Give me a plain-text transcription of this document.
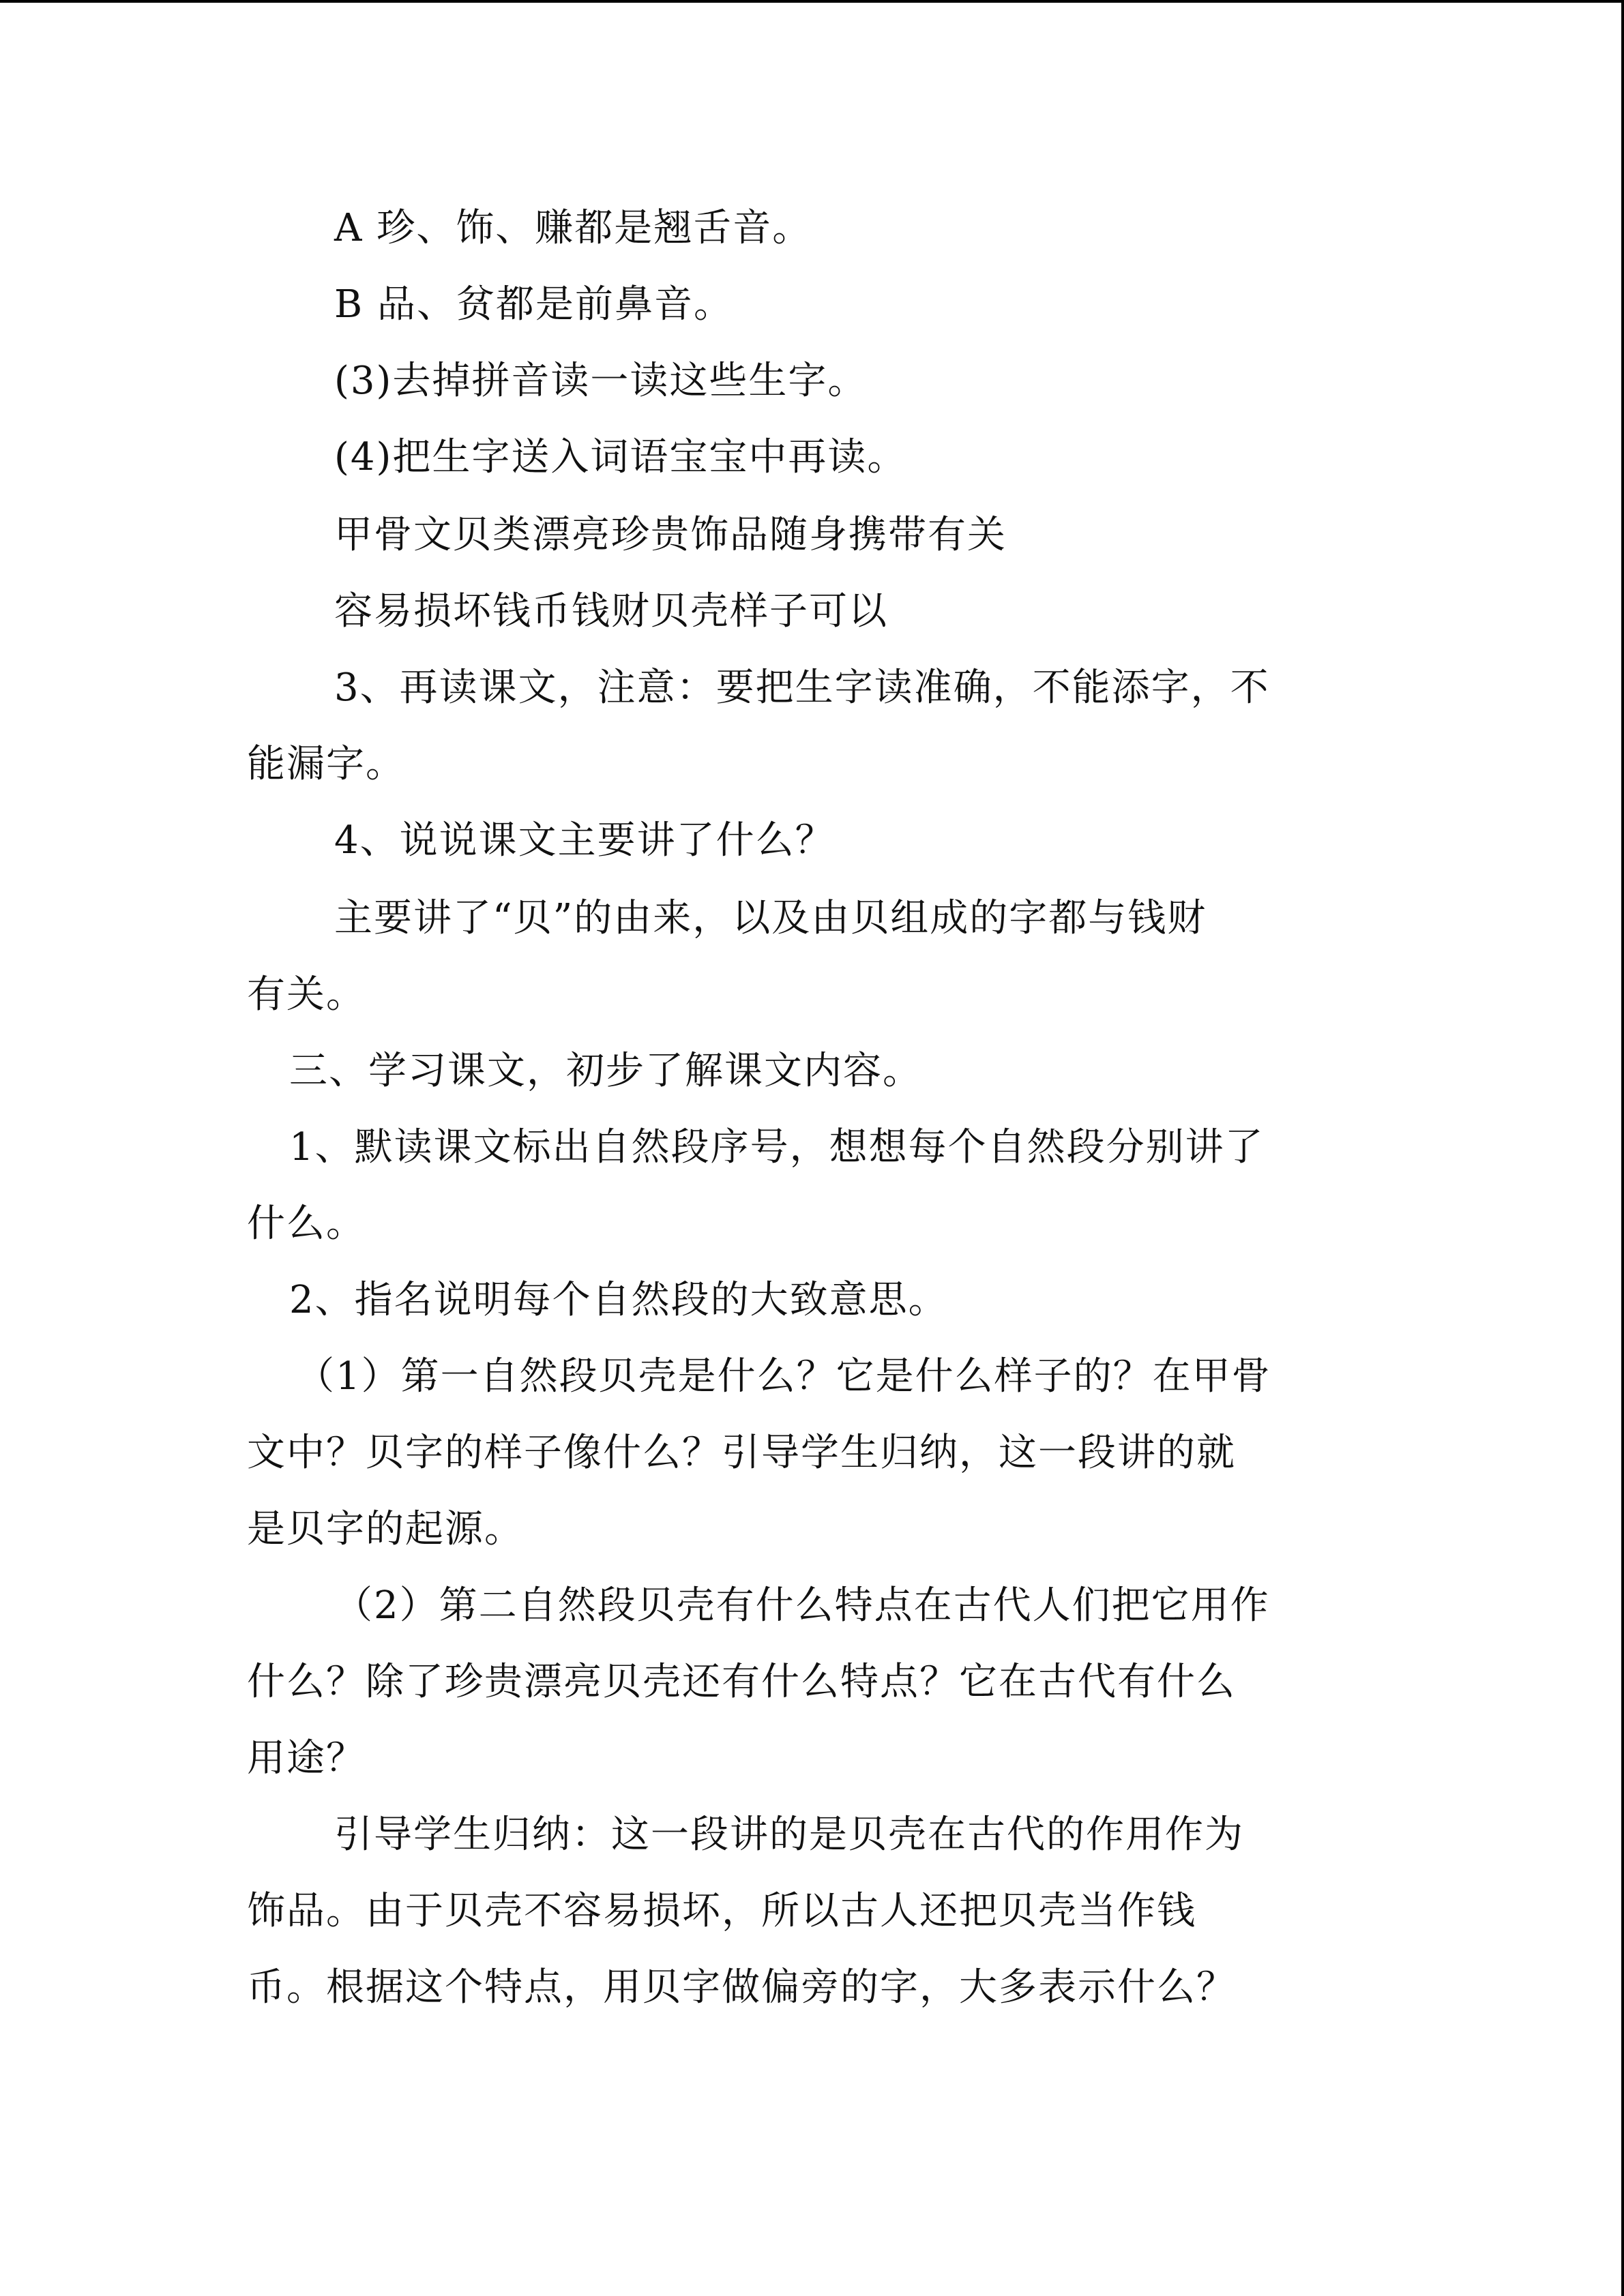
A 珍、饰、赚都是翘舌音。
B 品、贫都是前鼻音。
(3)去掉拼音读一读这些生字。
(4)把生字送入词语宝宝中再读。
甲骨文贝类漂亮珍贵饰品随身携带有关
容易损坏钱币钱财贝壳样子可以
3、再读课文，注意：要把生字读准确，不能添字，不
能漏字。
4、说说课文主要讲了什么？
主要讲了“贝”的由来，以及由贝组成的字都与钱财
有关。
三、学习课文，初步了解课文内容。
1、默读课文标出自然段序号，想想每个自然段分别讲了
什么。
2、指名说明每个自然段的大致意思。
（1）第一自然段贝壳是什么？它是什么样子的？在甲骨
文中？贝字的样子像什么？引导学生归纳，这一段讲的就
是贝字的起源。
（2）第二自然段贝壳有什么特点在古代人们把它用作
什么？除了珍贵漂亮贝壳还有什么特点？它在古代有什么
用途？
引导学生归纳：这一段讲的是贝壳在古代的作用作为
饰品。由于贝壳不容易损坏，所以古人还把贝壳当作钱
币。根据这个特点，用贝字做偏旁的字，大多表示什么？
